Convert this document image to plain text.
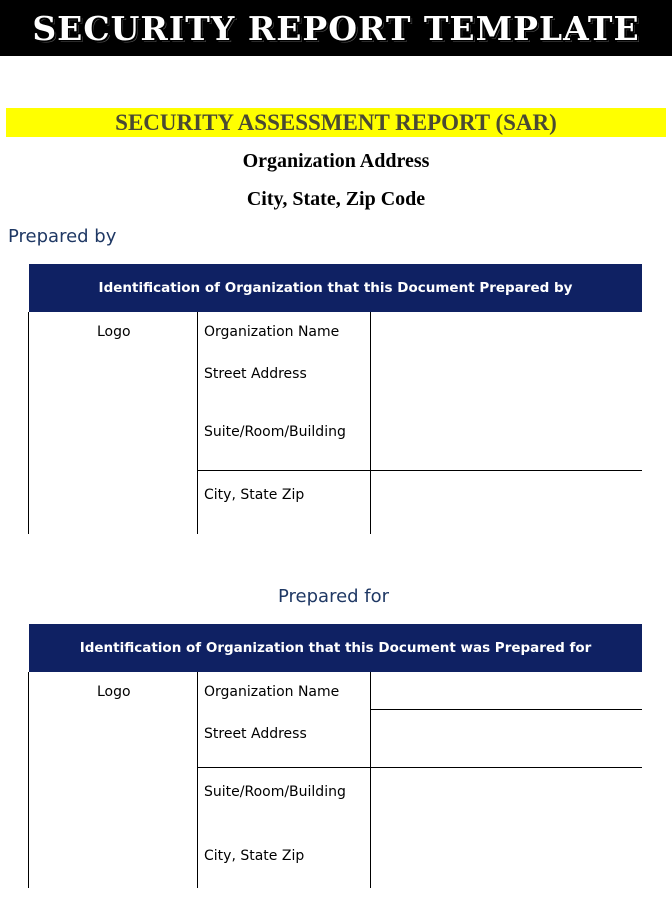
SECURITY REPORT TEMPLATE
SECURITY ASSESSMENT REPORT (SAR)
Organization Address
City, State, Zip Code
Prepared by
Identification of Organization that this Document Prepared by
Logo	Organization Name
Street Address
Suite/Room/Building
City, State Zip
Prepared for
Identification of Organization that this Document was Prepared for
Logo	Organization Name
Street Address
Suite/Room/Building
City, State Zip
